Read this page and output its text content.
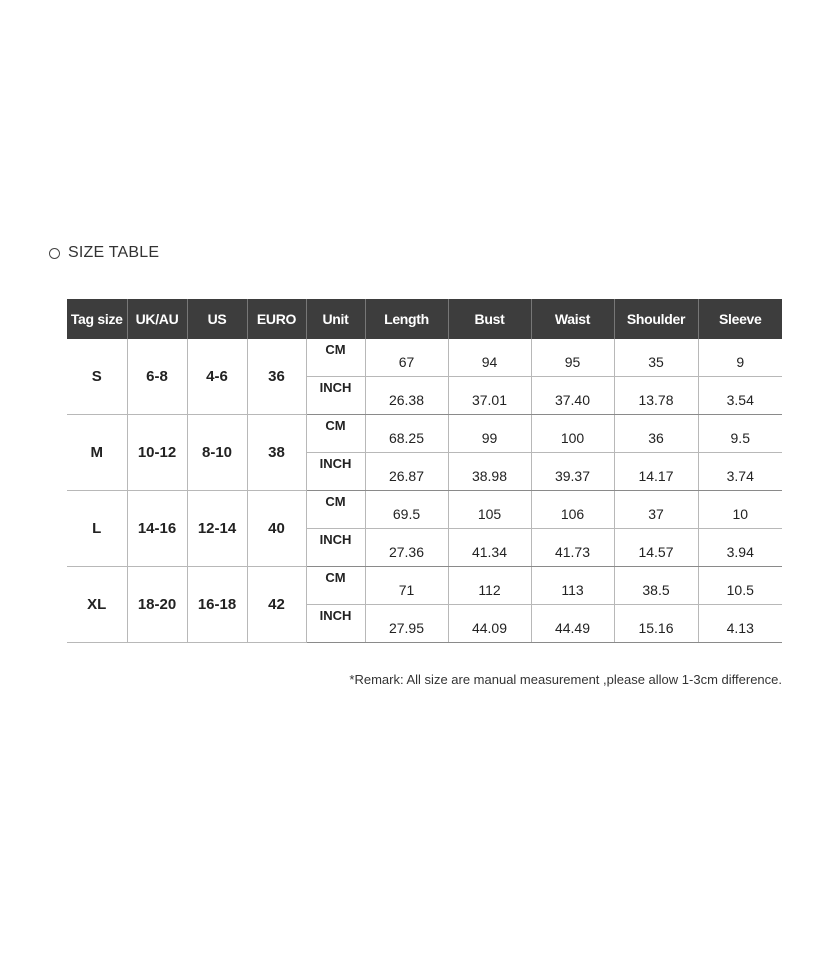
SIZE TABLE
Tag size	UK/AU	US	EURO	Unit	Length	Bust	Waist	Shoulder	Sleeve
S	6-8	4-6	36	CM	67	94	95	35	9
				INCH	26.38	37.01	37.40	13.78	3.54
M	10-12	8-10	38	CM	68.25	99	100	36	9.5
				INCH	26.87	38.98	39.37	14.17	3.74
L	14-16	12-14	40	CM	69.5	105	106	37	10
				INCH	27.36	41.34	41.73	14.57	3.94
XL	18-20	16-18	42	CM	71	112	113	38.5	10.5
				INCH	27.95	44.09	44.49	15.16	4.13
*Remark: All size are manual measurement ,please allow 1-3cm difference.
